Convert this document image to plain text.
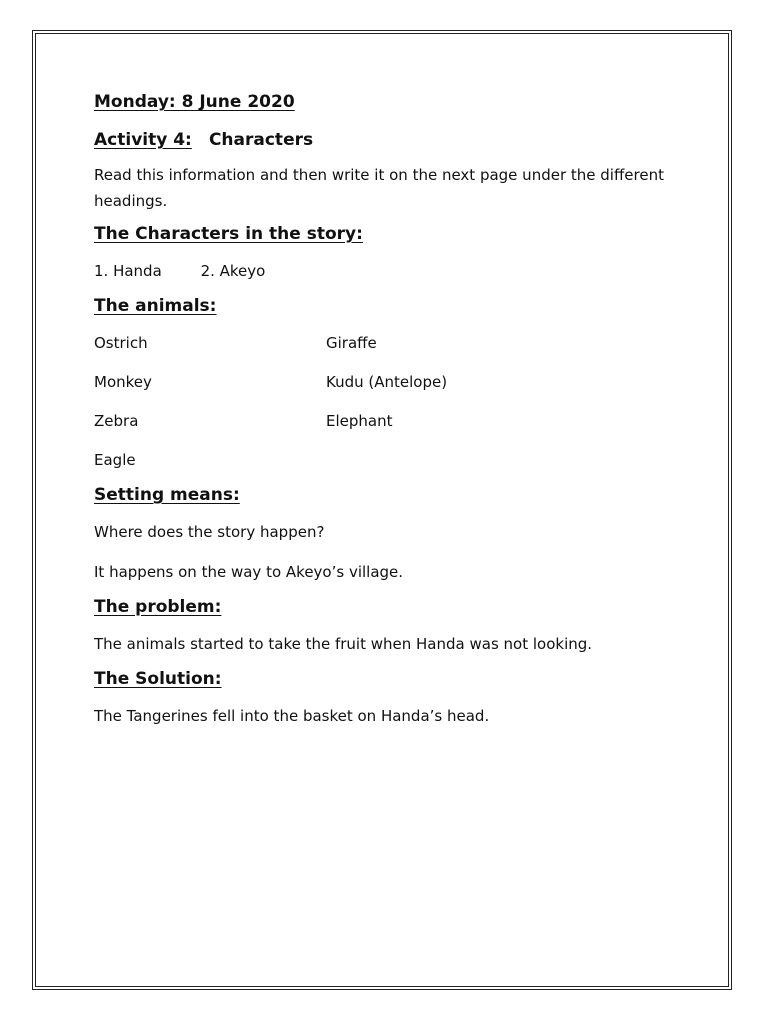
Monday: 8 June 2020

Activity 4: Characters

Read this information and then write it on the next page under the different headings.

The Characters in the story:

1. Handa	2. Akeyo

The animals:

Ostrich	Giraffe
Monkey	Kudu (Antelope)
Zebra	Elephant
Eagle

Setting means:

Where does the story happen?

It happens on the way to Akeyo’s village.

The problem:

The animals started to take the fruit when Handa was not looking.

The Solution:

The Tangerines fell into the basket on Handa’s head.
